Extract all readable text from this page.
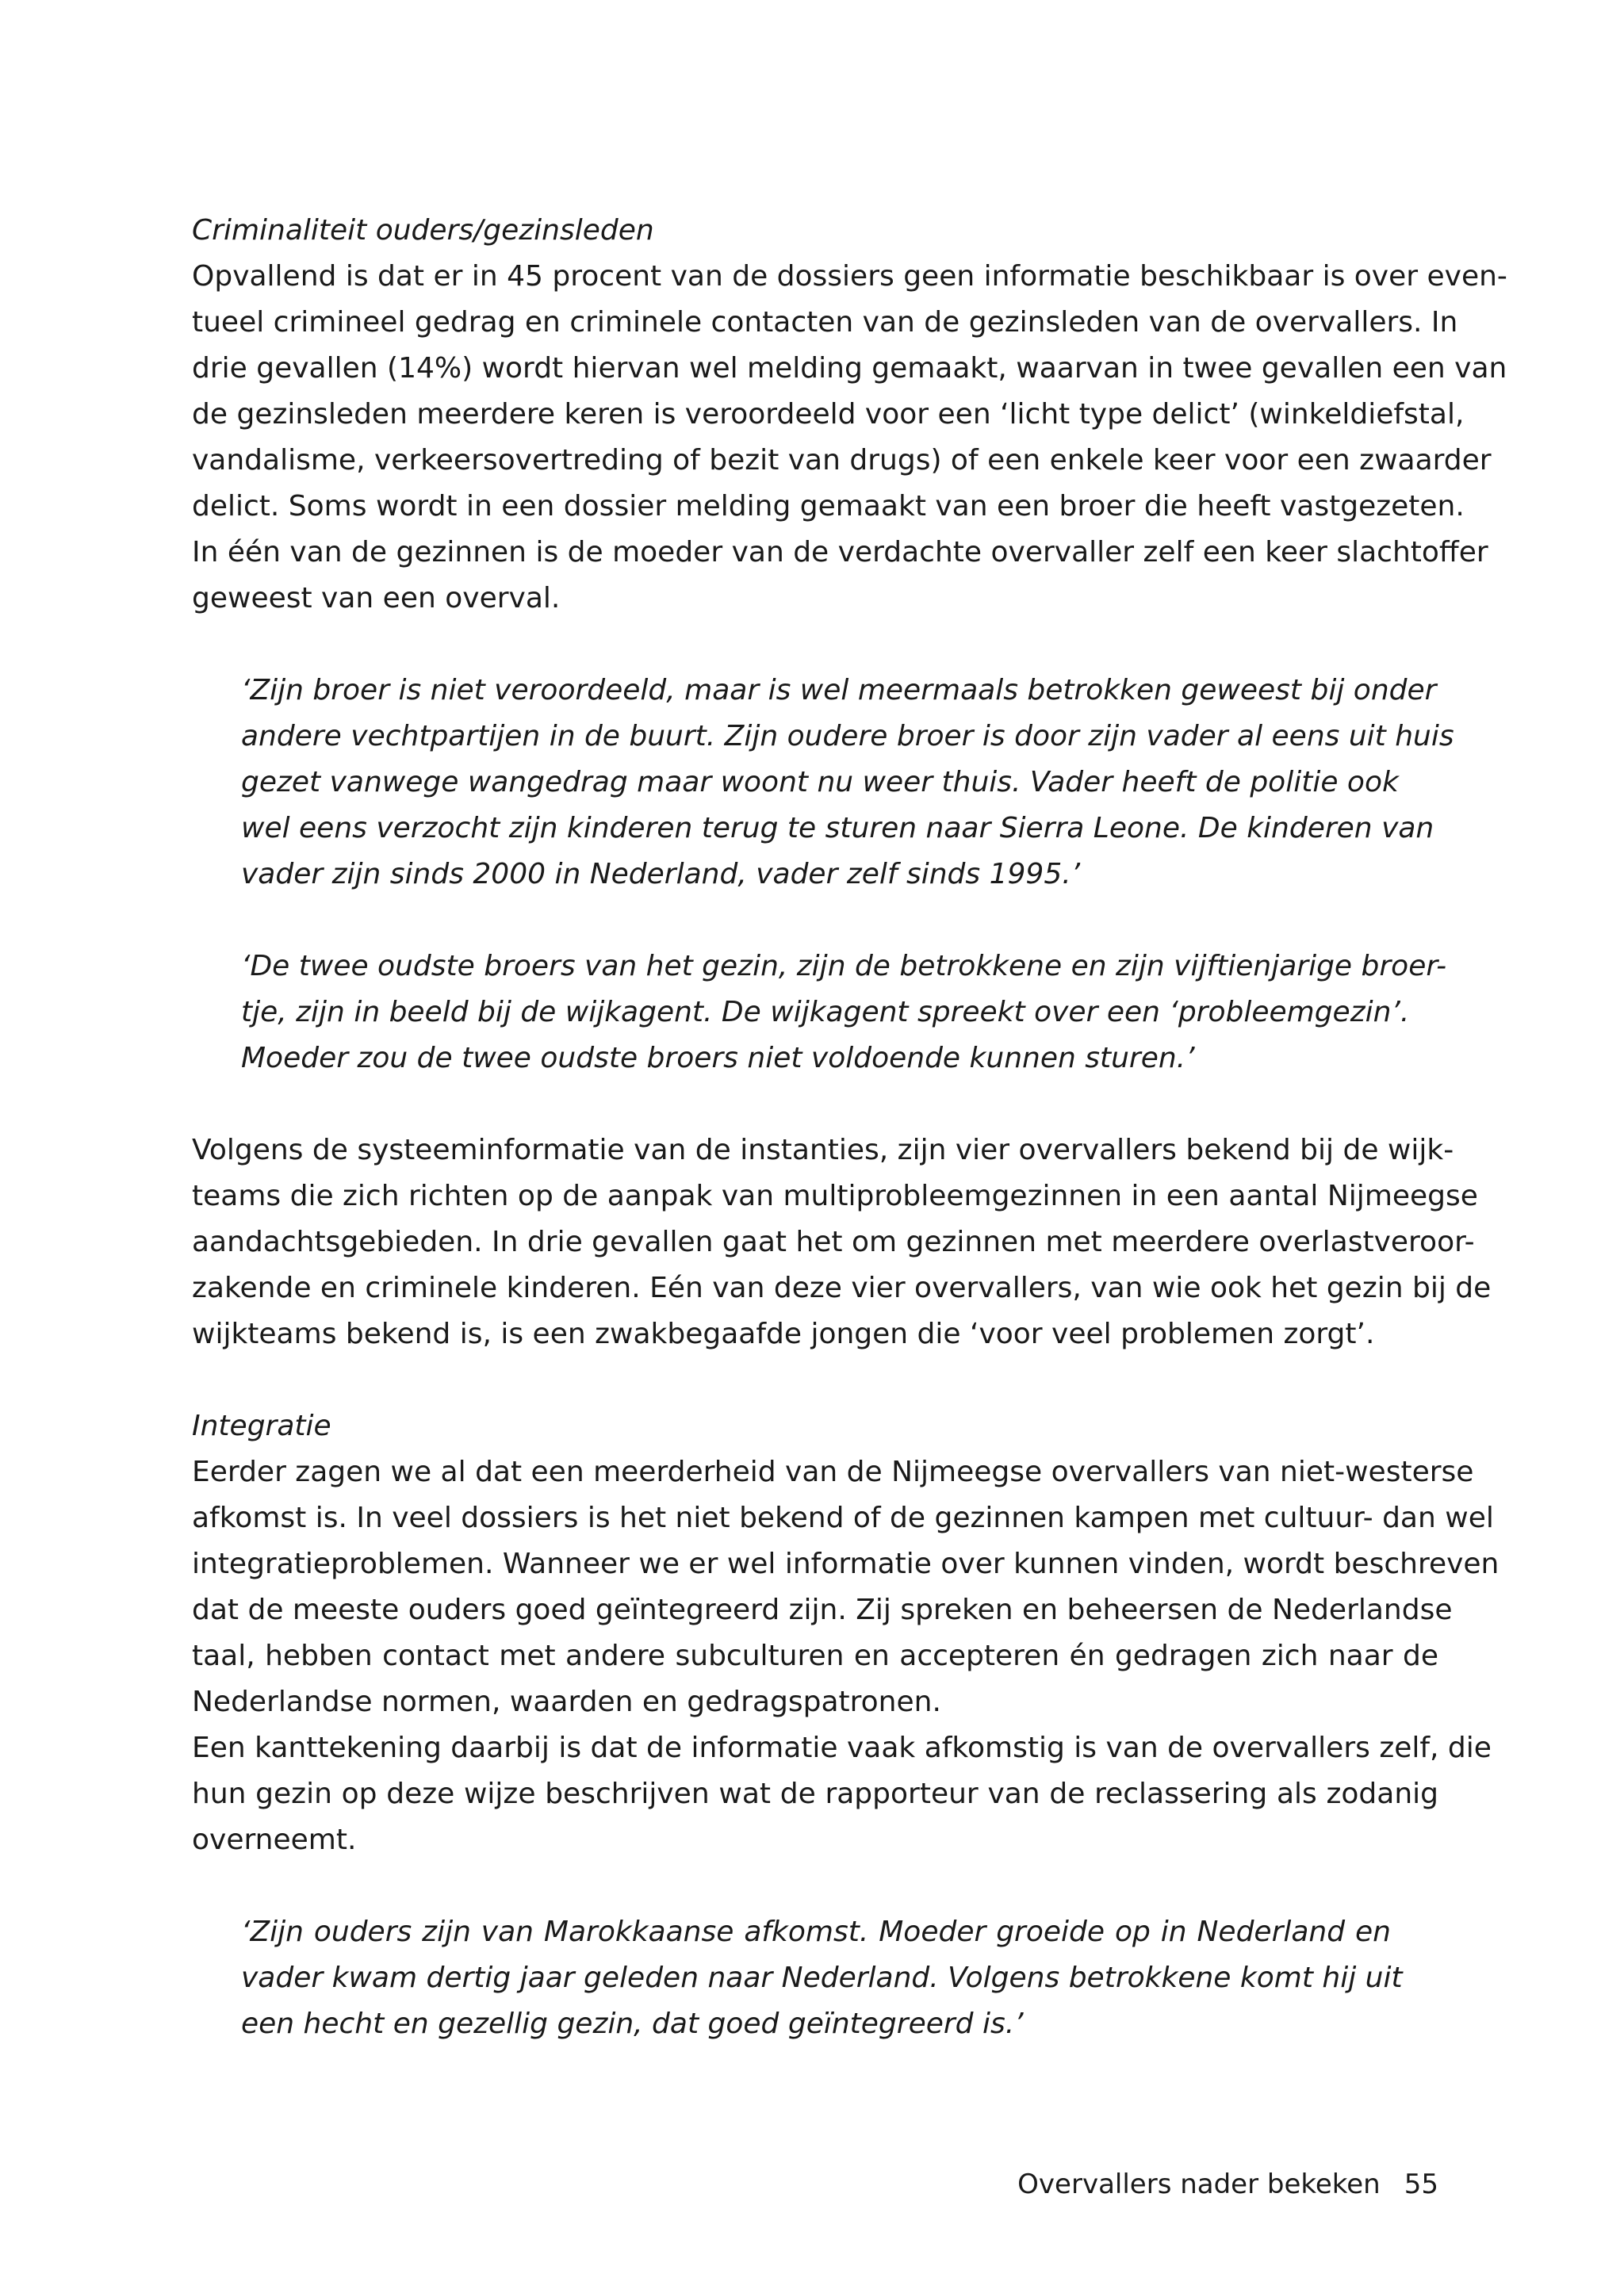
Criminaliteit ouders/gezinsleden
Opvallend is dat er in 45 procent van de dossiers geen informatie beschikbaar is over even-
tueel crimineel gedrag en criminele contacten van de gezinsleden van de overvallers. In
drie gevallen (14%) wordt hiervan wel melding gemaakt, waarvan in twee gevallen een van
de gezinsleden meerdere keren is veroordeeld voor een ‘licht type delict’ (winkeldiefstal,
vandalisme, verkeersovertreding of bezit van drugs) of een enkele keer voor een zwaarder
delict. Soms wordt in een dossier melding gemaakt van een broer die heeft vastgezeten.
In één van de gezinnen is de moeder van de verdachte overvaller zelf een keer slachtoffer
geweest van een overval.
‘Zijn broer is niet veroordeeld, maar is wel meermaals betrokken geweest bij onder
andere vechtpartijen in de buurt. Zijn oudere broer is door zijn vader al eens uit huis
gezet vanwege wangedrag maar woont nu weer thuis. Vader heeft de politie ook
wel eens verzocht zijn kinderen terug te sturen naar Sierra Leone. De kinderen van
vader zijn sinds 2000 in Nederland, vader zelf sinds 1995.’
‘De twee oudste broers van het gezin, zijn de betrokkene en zijn vijftienjarige broer-
tje, zijn in beeld bij de wijkagent. De wijkagent spreekt over een ‘probleemgezin’.
Moeder zou de twee oudste broers niet voldoende kunnen sturen.’
Volgens de systeeminformatie van de instanties, zijn vier overvallers bekend bij de wijk-
teams die zich richten op de aanpak van multiprobleemgezinnen in een aantal Nijmeegse
aandachtsgebieden. In drie gevallen gaat het om gezinnen met meerdere overlastveroor-
zakende en criminele kinderen. Eén van deze vier overvallers, van wie ook het gezin bij de
wijkteams bekend is, is een zwakbegaafde jongen die ‘voor veel problemen zorgt’.
Integratie
Eerder zagen we al dat een meerderheid van de Nijmeegse overvallers van niet-westerse
afkomst is. In veel dossiers is het niet bekend of de gezinnen kampen met cultuur- dan wel
integratieproblemen. Wanneer we er wel informatie over kunnen vinden, wordt beschreven
dat de meeste ouders goed geïntegreerd zijn. Zij spreken en beheersen de Nederlandse
taal, hebben contact met andere subculturen en accepteren én gedragen zich naar de
Nederlandse normen, waarden en gedragspatronen.
Een kanttekening daarbij is dat de informatie vaak afkomstig is van de overvallers zelf, die
hun gezin op deze wijze beschrijven wat de rapporteur van de reclassering als zodanig
overneemt.
‘Zijn ouders zijn van Marokkaanse afkomst. Moeder groeide op in Nederland en
vader kwam dertig jaar geleden naar Nederland. Volgens betrokkene komt hij uit
een hecht en gezellig gezin, dat goed geïntegreerd is.’
Overvallers nader bekeken 55
